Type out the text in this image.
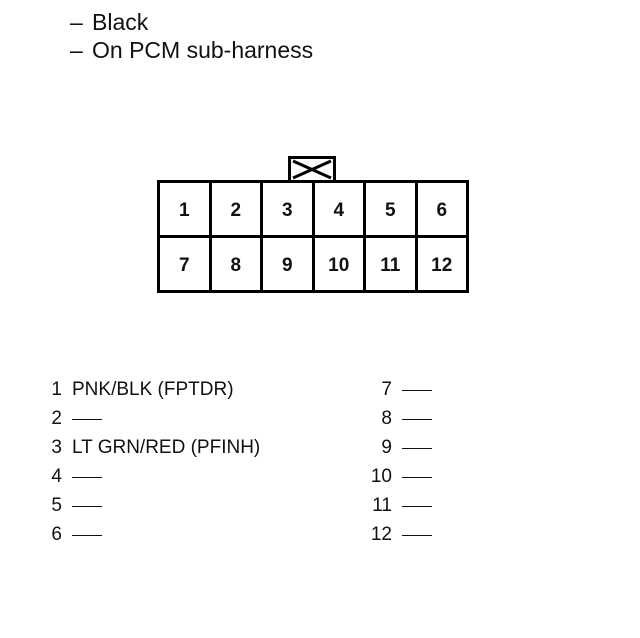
– Black
– On PCM sub-harness
1 2 3 4 5 6
7 8 9 10 11 12
1 PNK/BLK (FPTDR)
2
3 LT GRN/RED (PFINH)
4
5
6
7
8
9
10
11
12
